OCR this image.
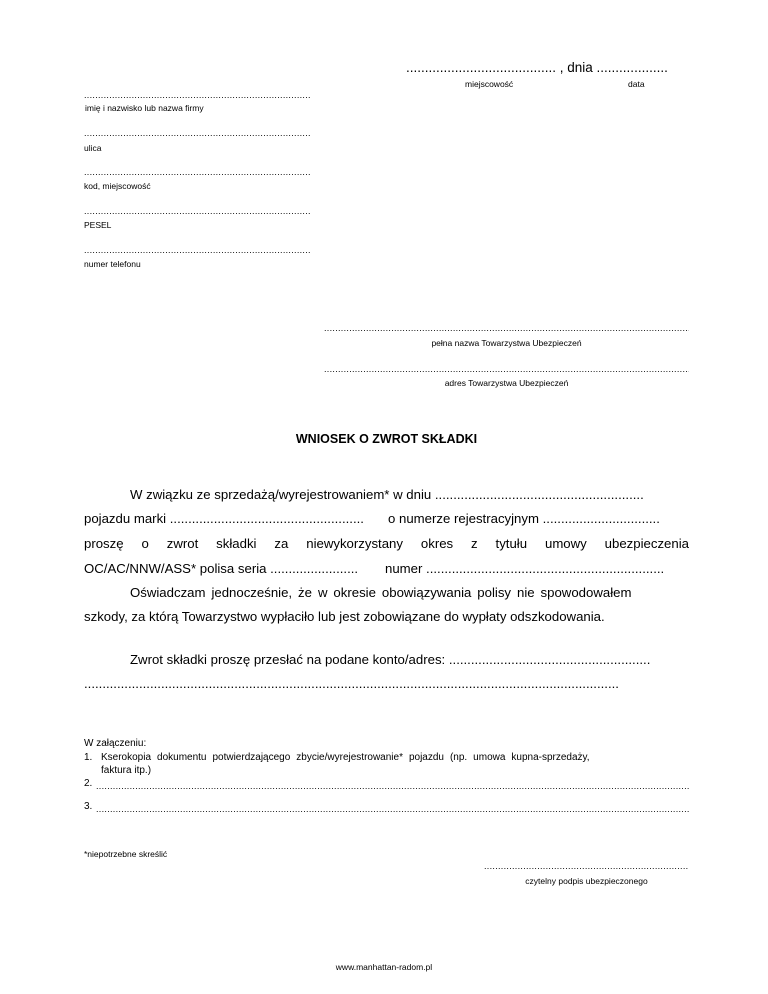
........................................ , dnia ...................
miejscowość	data
.....
imię i nazwisko lub nazwa firmy
.....
ulica
.....
kod, miejscowość
.....
PESEL
.....
numer telefonu
.....
pełna nazwa Towarzystwa Ubezpieczeń
.....
adres Towarzystwa Ubezpieczeń
WNIOSEK O ZWROT SKŁADKI
W związku ze sprzedażą/wyrejestrowaniem* w dniu .........................................................
pojazdu marki ..................................................... o numerze rejestracyjnym ................................
proszę o zwrot składki za niewykorzystany okres z tytułu umowy ubezpieczenia
OC/AC/NNW/ASS* polisa seria ........................ numer .................................................................
Oświadczam jednocześnie, że w okresie obowiązywania polisy nie spowodowałem
szkody, za którą Towarzystwo wypłaciło lub jest zobowiązane do wypłaty odszkodowania.
Zwrot składki proszę przesłać na podane konto/adres: .......................................................
..................................................................................................................................................
W załączeniu:
1. Kserokopia dokumentu potwierdzającego zbycie/wyrejestrowanie* pojazdu (np. umowa kupna-sprzedaży,
faktura itp.)
2.
.....
3.
.....
*niepotrzebne skreślić
.....
czytelny podpis ubezpieczonego
www.manhattan-radom.pl
